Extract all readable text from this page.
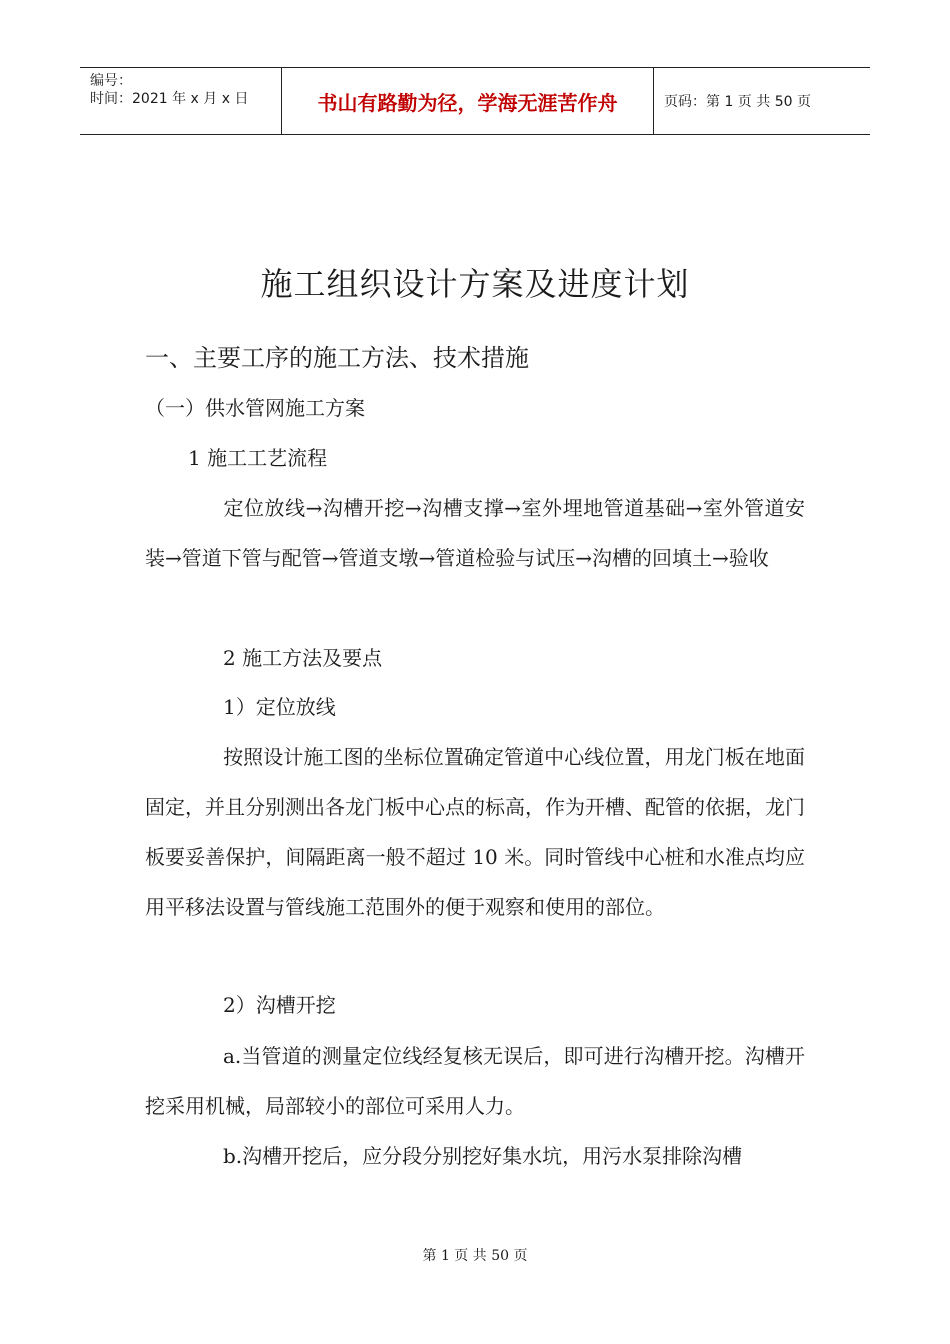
编号：
时间：2021 年 x 月 x 日	书山有路勤为径，学海无涯苦作舟	页码：第 1 页 共 50 页
施工组织设计方案及进度计划
一、主要工序的施工方法、技术措施
（一）供水管网施工方案
1 施工工艺流程
定位放线→沟槽开挖→沟槽支撑→室外埋地管道基础→室外管道安装→管道下管与配管→管道支墩→管道检验与试压→沟槽的回填土→验收
2 施工方法及要点
1）定位放线
按照设计施工图的坐标位置确定管道中心线位置，用龙门板在地面固定，并且分别测出各龙门板中心点的标高，作为开槽、配管的依据，龙门板要妥善保护，间隔距离一般不超过 10 米。同时管线中心桩和水准点均应用平移法设置与管线施工范围外的便于观察和使用的部位。
2）沟槽开挖
a.当管道的测量定位线经复核无误后，即可进行沟槽开挖。沟槽开挖采用机械，局部较小的部位可采用人力。
b.沟槽开挖后，应分段分别挖好集水坑，用污水泵排除沟槽
第 1 页 共 50 页
